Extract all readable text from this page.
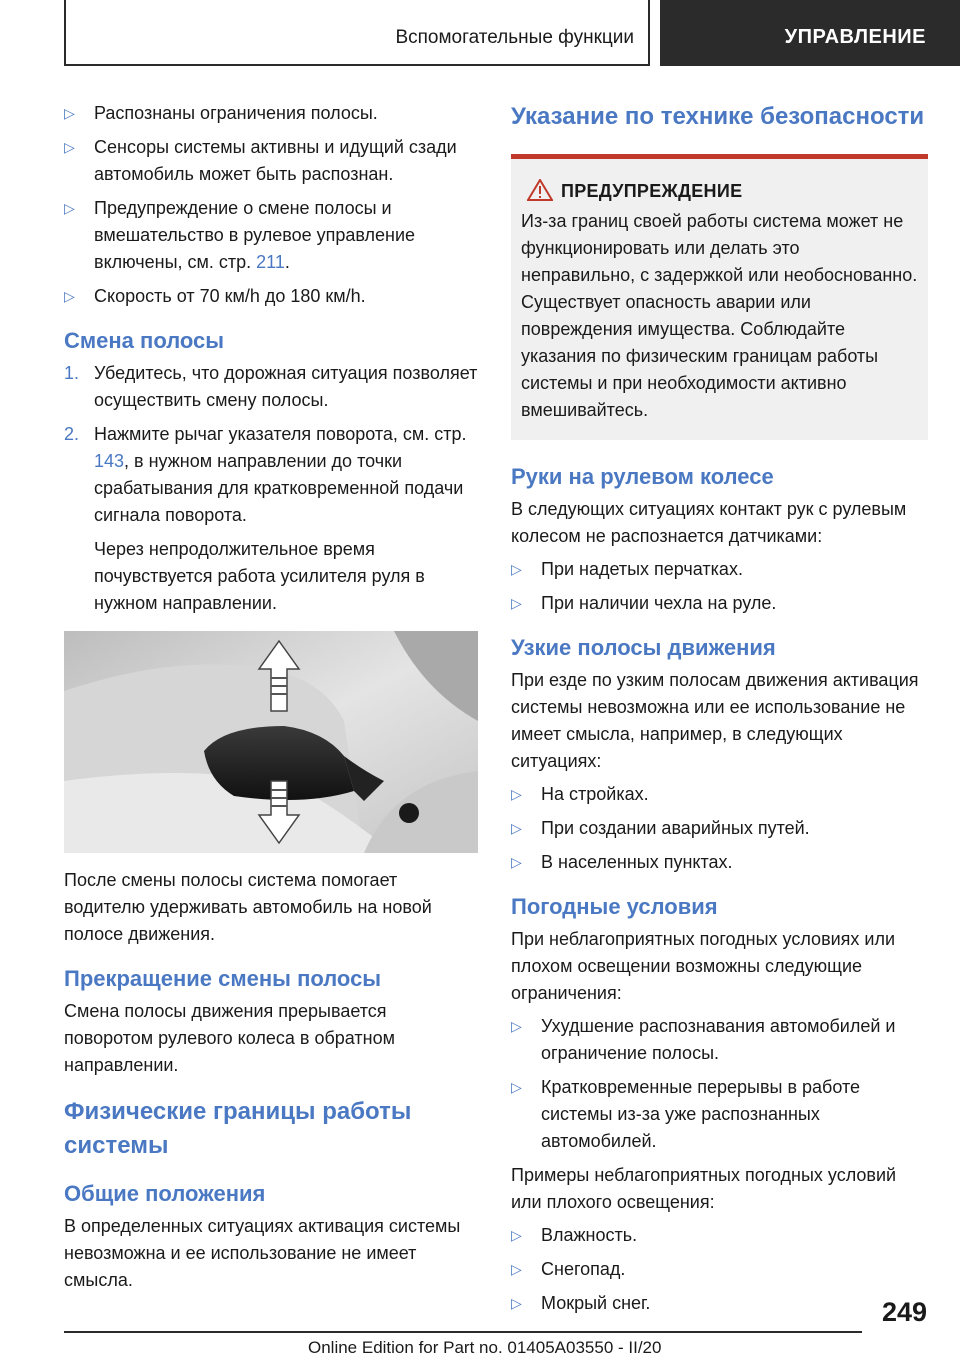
Вспомогательные функции	УПРАВЛЕНИЕ
▷ Распознаны ограничения полосы.
▷ Сенсоры системы активны и идущий сзади автомобиль может быть распознан.
▷ Предупреждение о смене полосы и вмешательство в рулевое управление включены, см. стр. 211.
▷ Скорость от 70 км/h до 180 км/h.
Смена полосы
1. Убедитесь, что дорожная ситуация позволяет осуществить смену полосы.
2. Нажмите рычаг указателя поворота, см. стр. 143, в нужном направлении до точки срабатывания для кратковременной подачи сигнала поворота.
Через непродолжительное время почувствуется работа усилителя руля в нужном направлении.
После смены полосы система помогает водителю удерживать автомобиль на новой полосе движения.
Прекращение смены полосы
Смена полосы движения прерывается поворотом рулевого колеса в обратном направлении.
Физические границы работы системы
Общие положения
В определенных ситуациях активация системы невозможна и ее использование не имеет смысла.
Указание по технике безопасности
ПРЕДУПРЕЖДЕНИЕ
Из-за границ своей работы система может не функционировать или делать это неправильно, с задержкой или необоснованно. Существует опасность аварии или повреждения имущества. Соблюдайте указания по физическим границам работы системы и при необходимости активно вмешивайтесь.
Руки на рулевом колесе
В следующих ситуациях контакт рук с рулевым колесом не распознается датчиками:
▷ При надетых перчатках.
▷ При наличии чехла на руле.
Узкие полосы движения
При езде по узким полосам движения активация системы невозможна или ее использование не имеет смысла, например, в следующих ситуациях:
▷ На стройках.
▷ При создании аварийных путей.
▷ В населенных пунктах.
Погодные условия
При неблагоприятных погодных условиях или плохом освещении возможны следующие ограничения:
▷ Ухудшение распознавания автомобилей и ограничение полосы.
▷ Кратковременные перерывы в работе системы из-за уже распознанных автомобилей.
Примеры неблагоприятных погодных условий или плохого освещения:
▷ Влажность.
▷ Снегопад.
▷ Мокрый снег.	249
Online Edition for Part no. 01405A03550 - II/20
